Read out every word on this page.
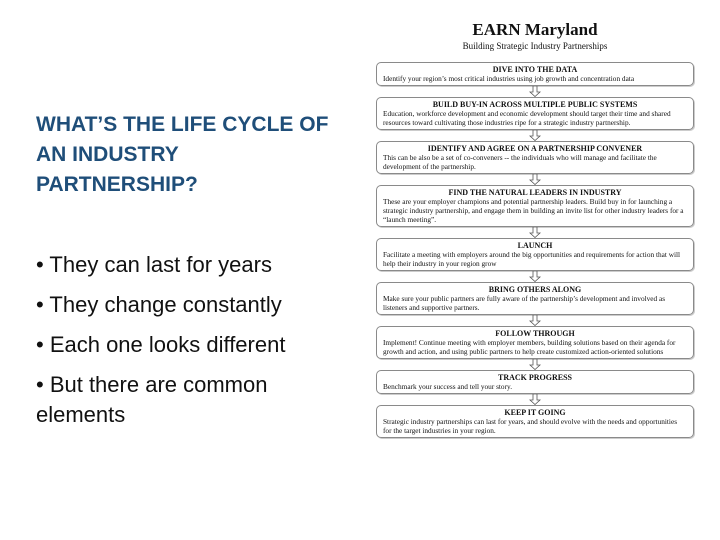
WHAT’S THE LIFE CYCLE OF AN INDUSTRY PARTNERSHIP?
• They can last for years
• They change constantly
• Each one looks different
• But there are common elements
EARN Maryland
Building Strategic Industry Partnerships
DIVE INTO THE DATA
Identify your region’s most critical industries using job growth and concentration data
BUILD BUY-IN ACROSS MULTIPLE PUBLIC SYSTEMS
Education, workforce development and economic development should target their time and shared resources toward cultivating those industries ripe for a strategic industry partnership.
IDENTIFY AND AGREE ON A PARTNERSHIP CONVENER
This can be also be a set of co-conveners -- the individuals who will manage and facilitate the development of the partnership.
FIND THE NATURAL LEADERS IN INDUSTRY
These are your employer champions and potential partnership leaders. Build buy in for launching a strategic industry partnership, and engage them in building an invite list for other industry leaders for a “launch meeting”.
LAUNCH
Facilitate a meeting with employers around the big opportunities and requirements for action that will help their industry in your region grow
BRING OTHERS ALONG
Make sure your public partners are fully aware of the partnership’s development and involved as listeners and supportive partners.
FOLLOW THROUGH
Implement! Continue meeting with employer members, building solutions based on their agenda for growth and action, and using public partners to help create customized action-oriented solutions
TRACK PROGRESS
Benchmark your success and tell your story.
KEEP IT GOING
Strategic industry partnerships can last for years, and should evolve with the needs and opportunities for the target industries in your region.
